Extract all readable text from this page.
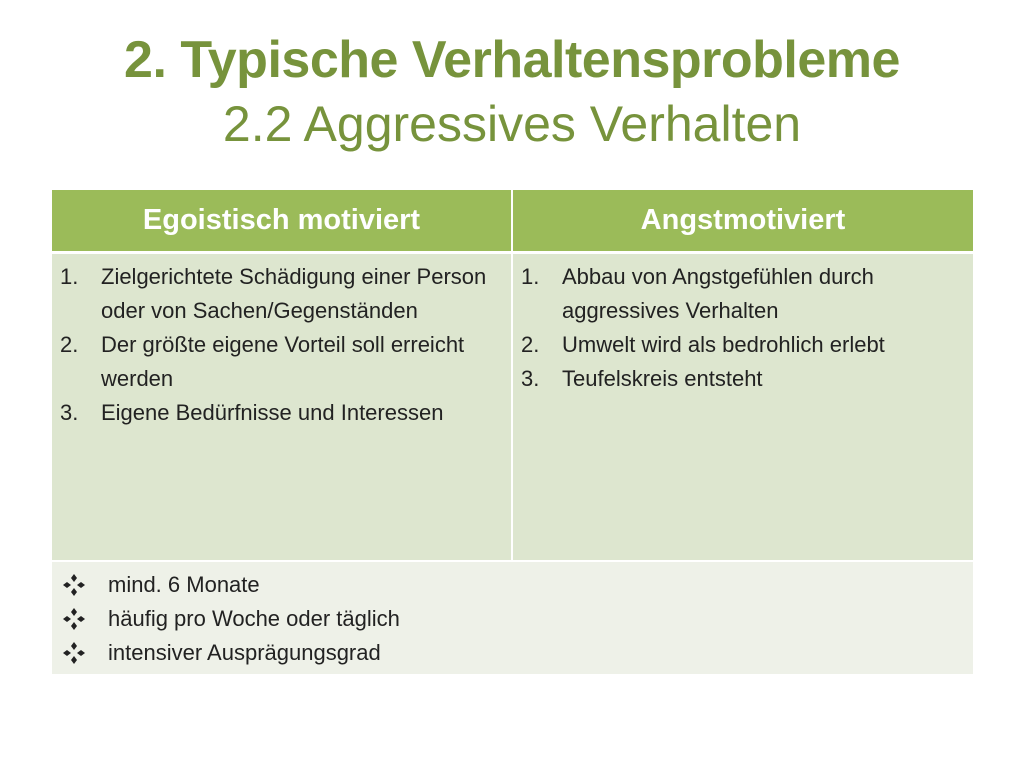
2. Typische Verhaltensprobleme
2.2 Aggressives Verhalten
Egoistisch motiviert	Angstmotiviert
1.	Zielgerichtete Schädigung einer Person oder von Sachen/Gegenständen
2.	Der größte eigene Vorteil soll erreicht werden
3.	Eigene Bedürfnisse und Interessen
1.	Abbau von Angstgefühlen durch aggressives Verhalten
2.	Umwelt wird als bedrohlich erlebt
3.	Teufelskreis entsteht
mind. 6 Monate
häufig pro Woche oder täglich
intensiver Ausprägungsgrad
